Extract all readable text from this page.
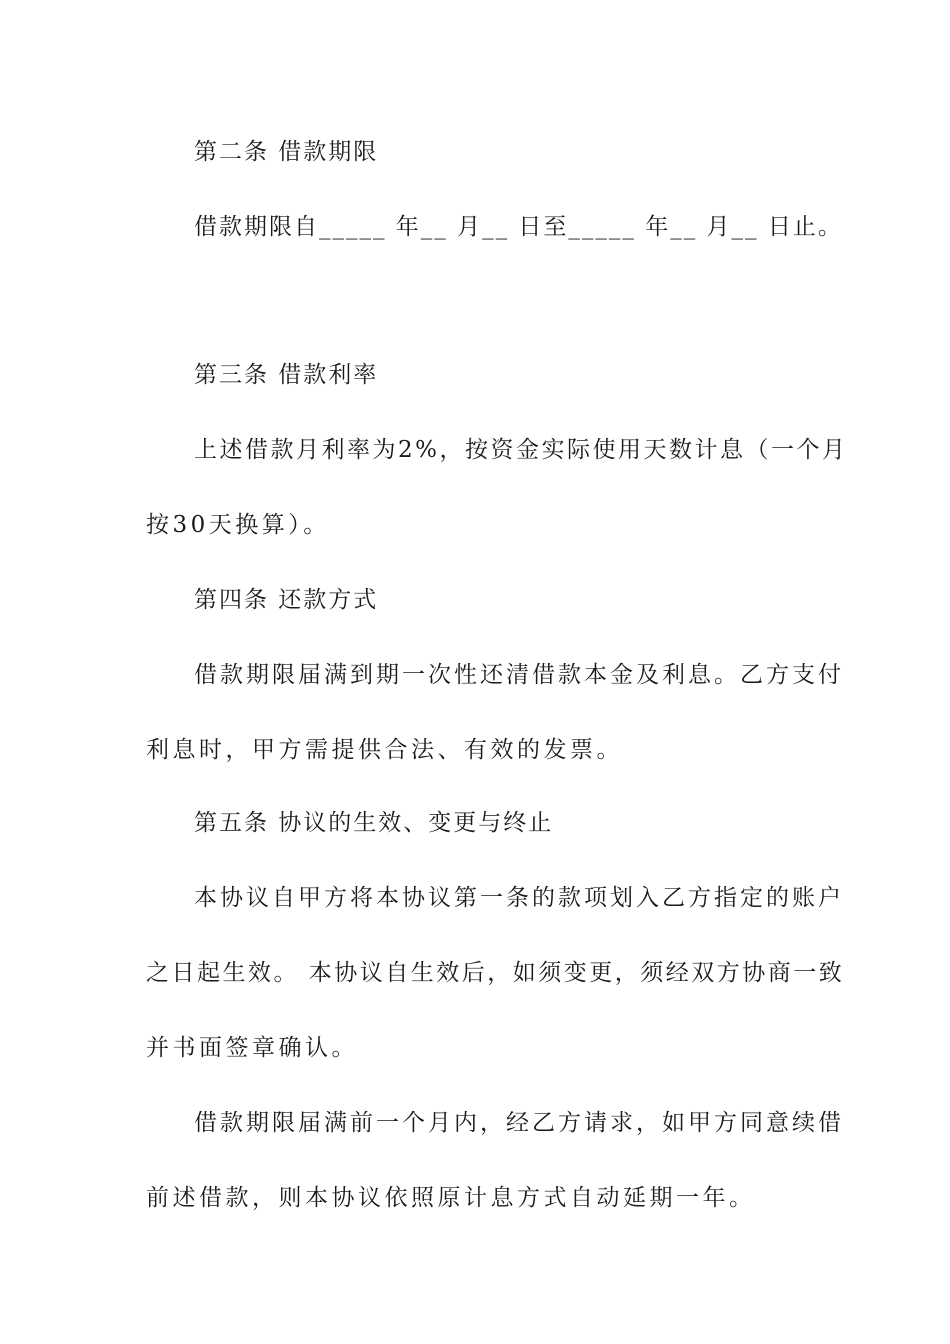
第二条 借款期限

借款期限自_____ 年__ 月__ 日至_____ 年__ 月__ 日止。

第三条 借款利率

上述借款月利率为2%，按资金实际使用天数计息（一个月

按30天换算）。

第四条 还款方式

借款期限届满到期一次性还清借款本金及利息。乙方支付

利息时，甲方需提供合法、有效的发票。

第五条 协议的生效、变更与终止

本协议自甲方将本协议第一条的款项划入乙方指定的账户

之日起生效。 本协议自生效后，如须变更，须经双方协商一致

并书面签章确认。

借款期限届满前一个月内，经乙方请求，如甲方同意续借

前述借款，则本协议依照原计息方式自动延期一年。
